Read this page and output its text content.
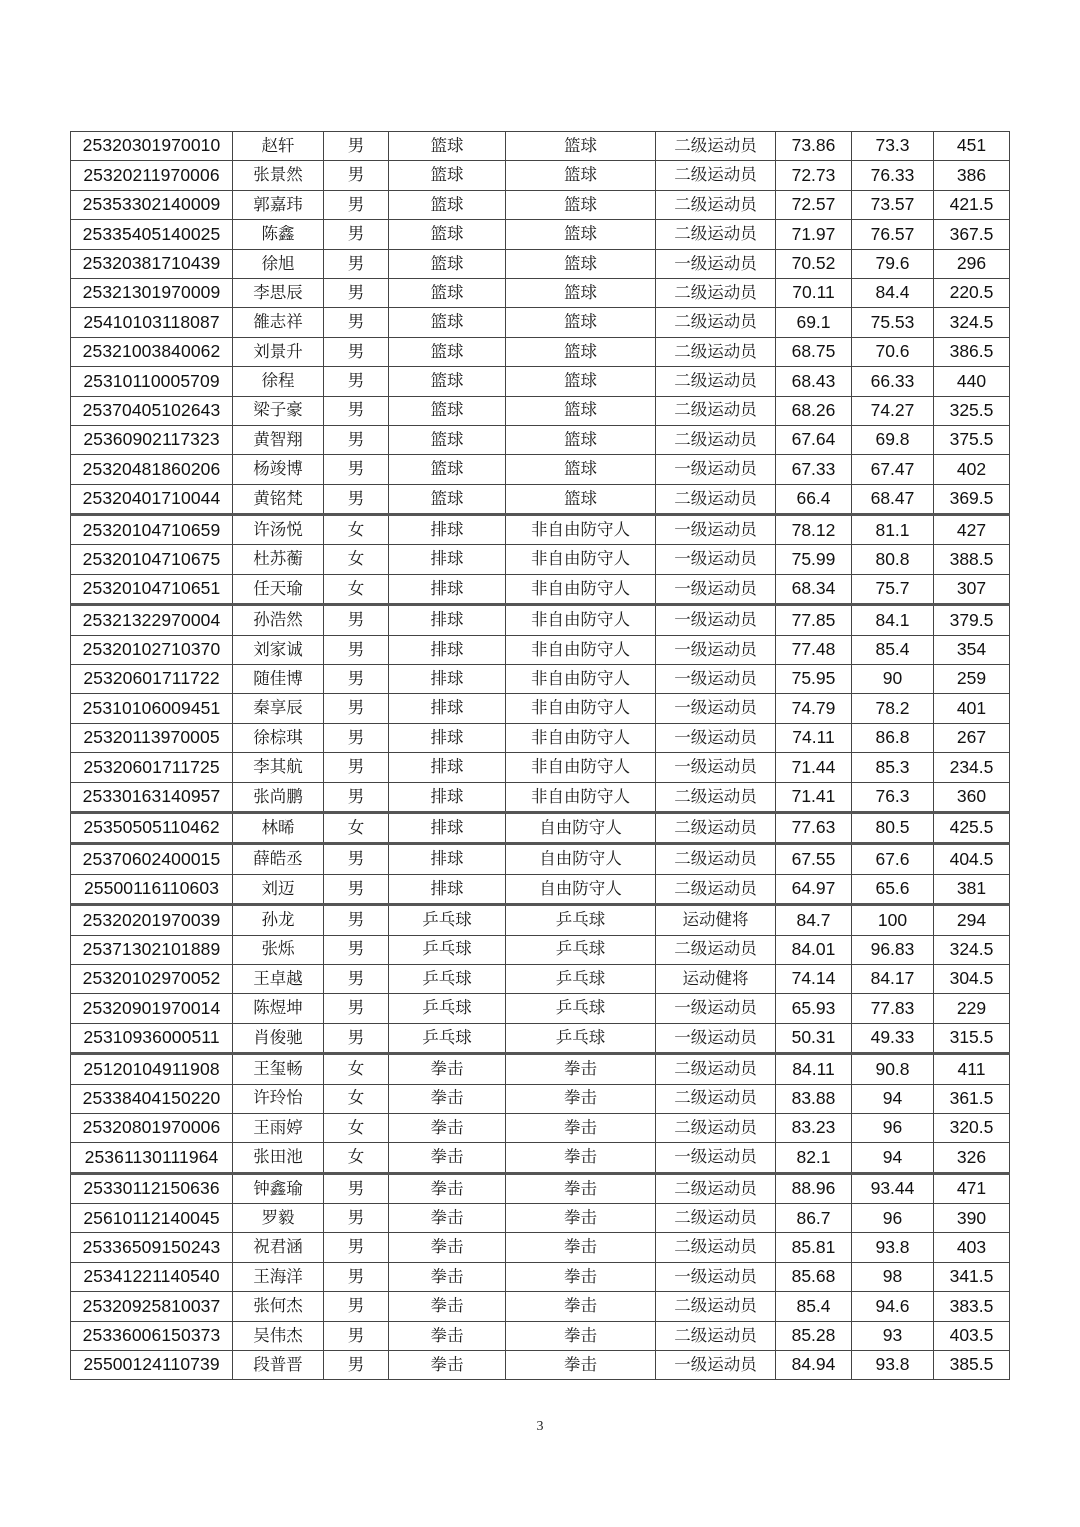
25320301970010	赵轩	男	篮球	篮球	二级运动员	73.86	73.3	451
25320211970006	张景然	男	篮球	篮球	二级运动员	72.73	76.33	386
25353302140009	郭嘉玮	男	篮球	篮球	二级运动员	72.57	73.57	421.5
25335405140025	陈鑫	男	篮球	篮球	二级运动员	71.97	76.57	367.5
25320381710439	徐旭	男	篮球	篮球	一级运动员	70.52	79.6	296
25321301970009	李思辰	男	篮球	篮球	二级运动员	70.11	84.4	220.5
25410103118087	雒志祥	男	篮球	篮球	二级运动员	69.1	75.53	324.5
25321003840062	刘景升	男	篮球	篮球	二级运动员	68.75	70.6	386.5
25310110005709	徐程	男	篮球	篮球	二级运动员	68.43	66.33	440
25370405102643	梁子豪	男	篮球	篮球	二级运动员	68.26	74.27	325.5
25360902117323	黄智翔	男	篮球	篮球	二级运动员	67.64	69.8	375.5
25320481860206	杨竣博	男	篮球	篮球	一级运动员	67.33	67.47	402
25320401710044	黄铭梵	男	篮球	篮球	二级运动员	66.4	68.47	369.5
25320104710659	许汤悦	女	排球	非自由防守人	一级运动员	78.12	81.1	427
25320104710675	杜苏蘅	女	排球	非自由防守人	一级运动员	75.99	80.8	388.5
25320104710651	任天瑜	女	排球	非自由防守人	一级运动员	68.34	75.7	307
25321322970004	孙浩然	男	排球	非自由防守人	一级运动员	77.85	84.1	379.5
25320102710370	刘家诚	男	排球	非自由防守人	一级运动员	77.48	85.4	354
25320601711722	随佳博	男	排球	非自由防守人	一级运动员	75.95	90	259
25310106009451	秦享辰	男	排球	非自由防守人	一级运动员	74.79	78.2	401
25320113970005	徐棕琪	男	排球	非自由防守人	一级运动员	74.11	86.8	267
25320601711725	李其航	男	排球	非自由防守人	一级运动员	71.44	85.3	234.5
25330163140957	张尚鹏	男	排球	非自由防守人	二级运动员	71.41	76.3	360
25350505110462	林晞	女	排球	自由防守人	二级运动员	77.63	80.5	425.5
25370602400015	薛皓丞	男	排球	自由防守人	二级运动员	67.55	67.6	404.5
25500116110603	刘迈	男	排球	自由防守人	二级运动员	64.97	65.6	381
25320201970039	孙龙	男	乒乓球	乒乓球	运动健将	84.7	100	294
25371302101889	张烁	男	乒乓球	乒乓球	二级运动员	84.01	96.83	324.5
25320102970052	王卓越	男	乒乓球	乒乓球	运动健将	74.14	84.17	304.5
25320901970014	陈煜坤	男	乒乓球	乒乓球	一级运动员	65.93	77.83	229
25310936000511	肖俊驰	男	乒乓球	乒乓球	一级运动员	50.31	49.33	315.5
25120104911908	王玺畅	女	拳击	拳击	二级运动员	84.11	90.8	411
25338404150220	许玲怡	女	拳击	拳击	二级运动员	83.88	94	361.5
25320801970006	王雨婷	女	拳击	拳击	二级运动员	83.23	96	320.5
25361130111964	张田池	女	拳击	拳击	一级运动员	82.1	94	326
25330112150636	钟鑫瑜	男	拳击	拳击	二级运动员	88.96	93.44	471
25610112140045	罗毅	男	拳击	拳击	二级运动员	86.7	96	390
25336509150243	祝君涵	男	拳击	拳击	二级运动员	85.81	93.8	403
25341221140540	王海洋	男	拳击	拳击	一级运动员	85.68	98	341.5
25320925810037	张何杰	男	拳击	拳击	二级运动员	85.4	94.6	383.5
25336006150373	吴伟杰	男	拳击	拳击	二级运动员	85.28	93	403.5
25500124110739	段普晋	男	拳击	拳击	一级运动员	84.94	93.8	385.5
3
